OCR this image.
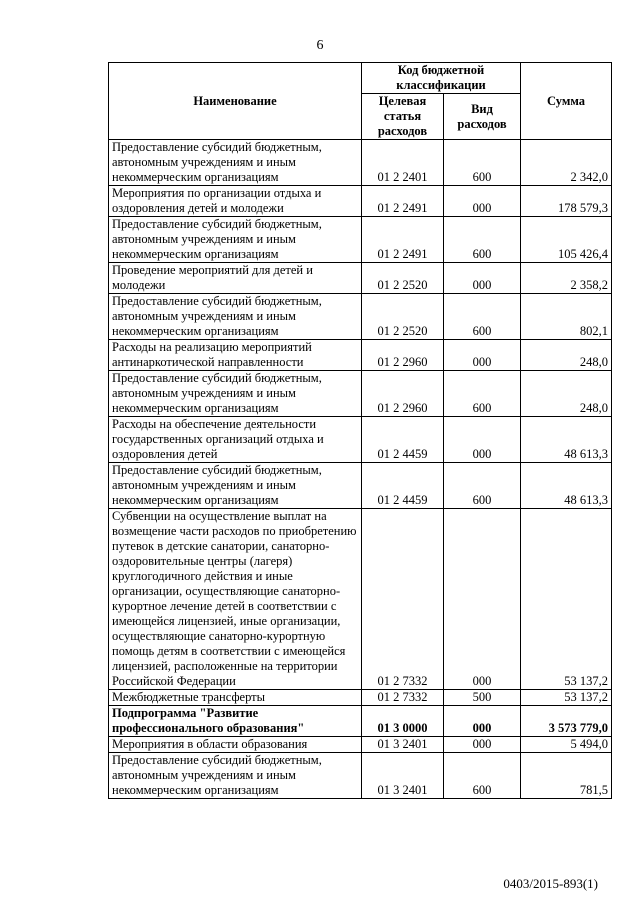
6
Наименование	Код бюджетной классификации		Сумма
	Целевая статья расходов	Вид расходов	
Предоставление субсидий бюджетным, автономным учреждениям и иным некоммерческим организациям	01 2 2401	600	2 342,0
Мероприятия по организации отдыха и оздоровления детей и молодежи	01 2 2491	000	178 579,3
Предоставление субсидий бюджетным, автономным учреждениям и иным некоммерческим организациям	01 2 2491	600	105 426,4
Проведение мероприятий для детей и молодежи	01 2 2520	000	2 358,2
Предоставление субсидий бюджетным, автономным учреждениям и иным некоммерческим организациям	01 2 2520	600	802,1
Расходы на реализацию мероприятий антинаркотической направленности	01 2 2960	000	248,0
Предоставление субсидий бюджетным, автономным учреждениям и иным некоммерческим организациям	01 2 2960	600	248,0
Расходы на обеспечение деятельности государственных организаций отдыха и оздоровления детей	01 2 4459	000	48 613,3
Предоставление субсидий бюджетным, автономным учреждениям и иным некоммерческим организациям	01 2 4459	600	48 613,3
Субвенции на осуществление выплат на возмещение части расходов по приобретению путевок в детские санатории, санаторно-оздоровительные центры (лагеря) круглогодичного действия и иные организации, осуществляющие санаторно-курортное лечение детей в соответствии с имеющейся лицензией, иные организации, осуществляющие санаторно-курортную помощь детям в соответствии с имеющейся лицензией, расположенные на территории Российской Федерации	01 2 7332	000	53 137,2
Межбюджетные трансферты	01 2 7332	500	53 137,2
Подпрограмма "Развитие профессионального образования"	01 3 0000	000	3 573 779,0
Мероприятия в области образования	01 3 2401	000	5 494,0
Предоставление субсидий бюджетным, автономным учреждениям и иным некоммерческим организациям	01 3 2401	600	781,5
0403/2015-893(1)
